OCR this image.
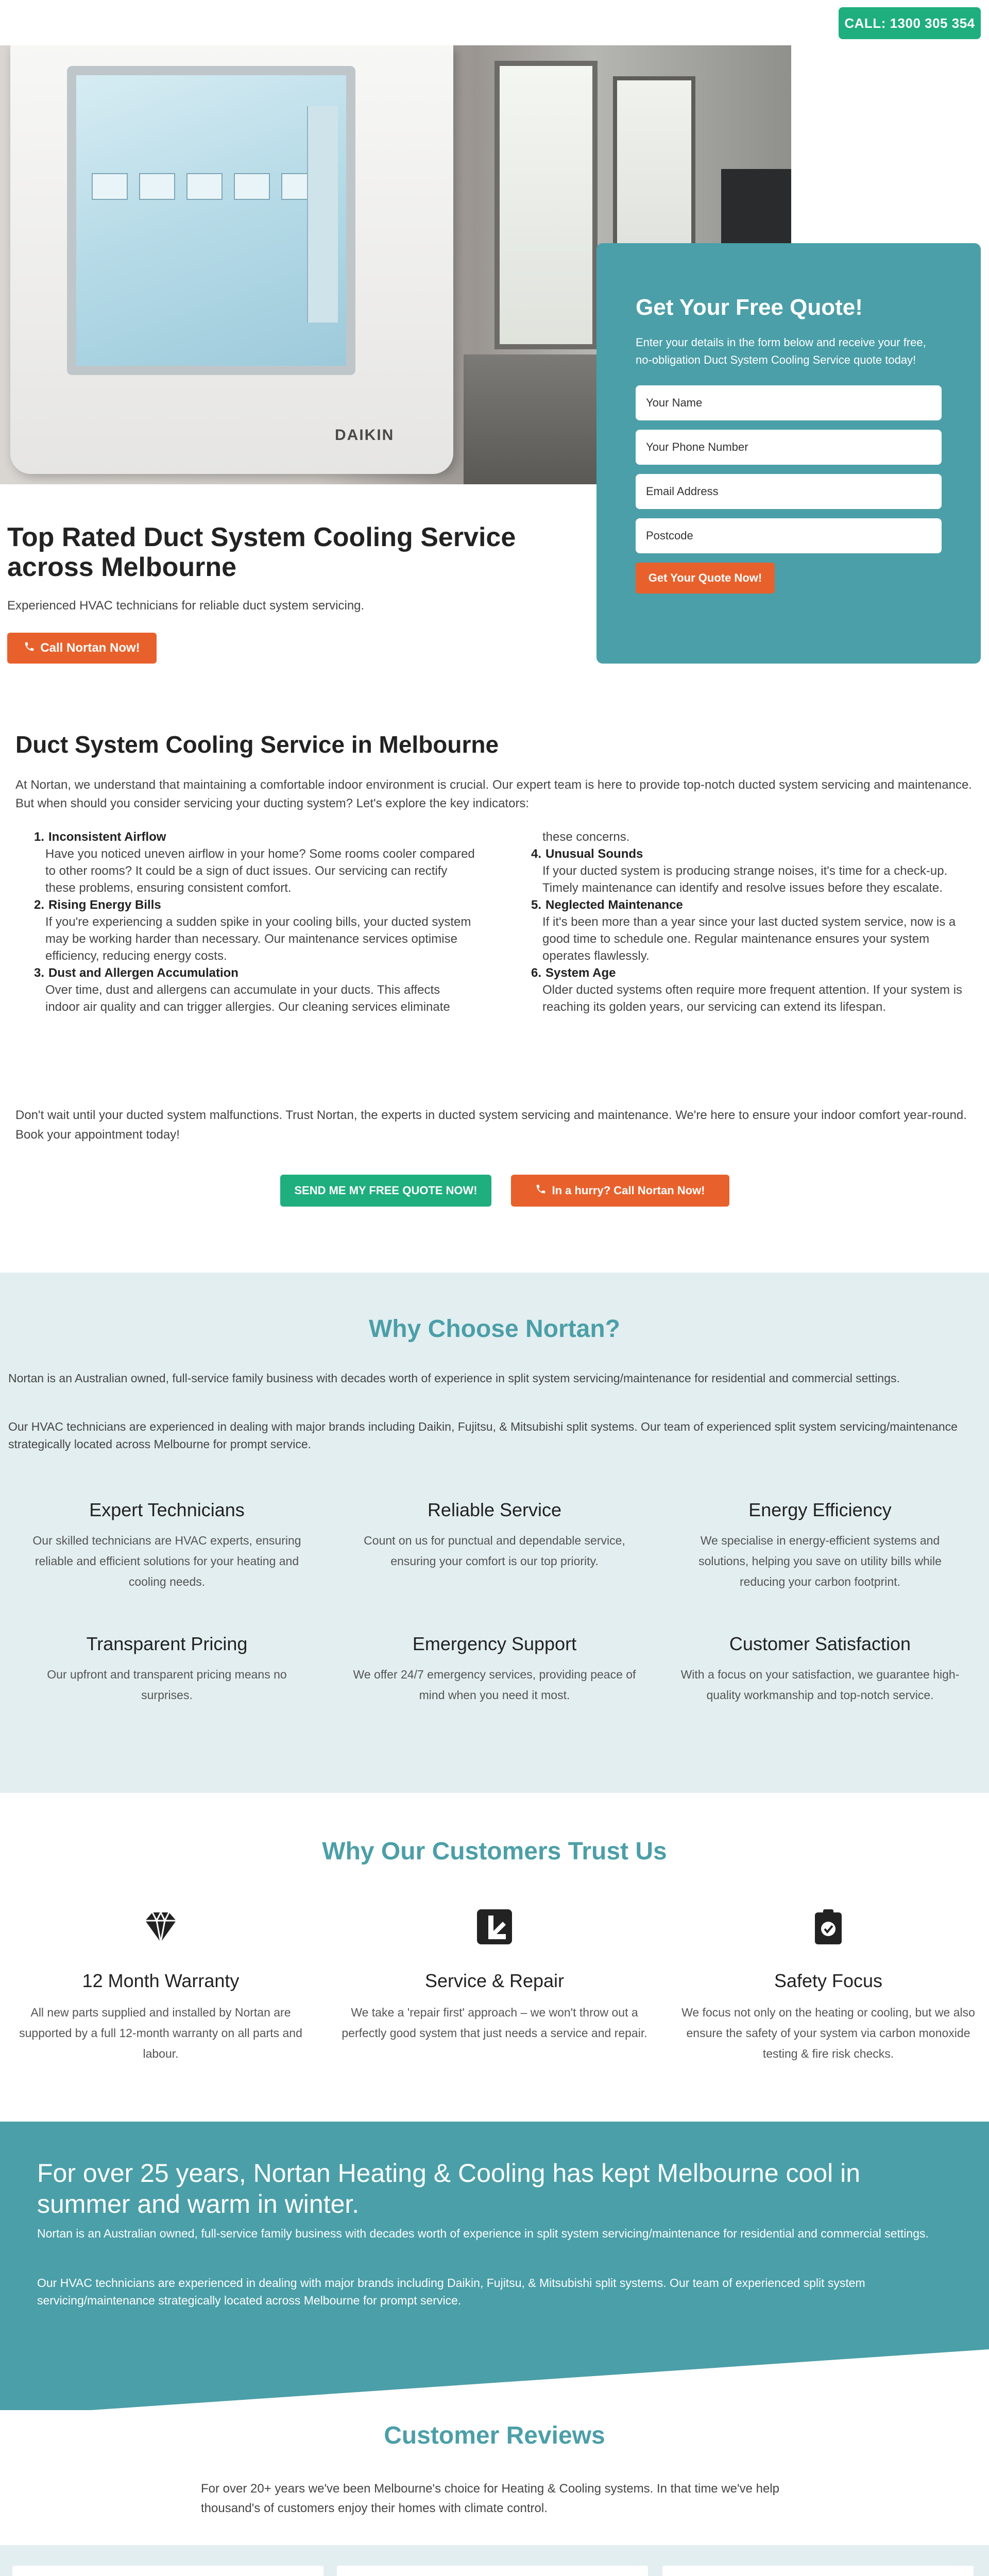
CALL: 1300 305 354
DAIKIN
Top Rated Duct System Cooling Service across Melbourne

Experienced HVAC technicians for reliable duct system servicing.

Call Nortan Now!
Get Your Free Quote!

Enter your details in the form below and receive your free, no-obligation Duct System Cooling Service quote today!

Your Name
Your Phone Number
Email Address
Postcode
Get Your Quote Now!
Duct System Cooling Service in Melbourne

At Nortan, we understand that maintaining a comfortable indoor environment is crucial. Our expert team is here to provide top-notch ducted system servicing and maintenance. But when should you consider servicing your ducting system? Let's explore the key indicators:

1. Inconsistent Airflow
Have you noticed uneven airflow in your home? Some rooms cooler compared to other rooms? It could be a sign of duct issues. Our servicing can rectify these problems, ensuring consistent comfort.
2. Rising Energy Bills
If you're experiencing a sudden spike in your cooling bills, your ducted system may be working harder than necessary. Our maintenance services optimise efficiency, reducing energy costs.
3. Dust and Allergen Accumulation
Over time, dust and allergens can accumulate in your ducts. This affects indoor air quality and can trigger allergies. Our cleaning services eliminate these concerns.
4. Unusual Sounds
If your ducted system is producing strange noises, it's time for a check-up. Timely maintenance can identify and resolve issues before they escalate.
5. Neglected Maintenance
If it's been more than a year since your last ducted system service, now is a good time to schedule one. Regular maintenance ensures your system operates flawlessly.
6. System Age
Older ducted systems often require more frequent attention. If your system is reaching its golden years, our servicing can extend its lifespan.

Don't wait until your ducted system malfunctions. Trust Nortan, the experts in ducted system servicing and maintenance. We're here to ensure your indoor comfort year-round. Book your appointment today!

SEND ME MY FREE QUOTE NOW!	In a hurry? Call Nortan Now!
Why Choose Nortan?

Nortan is an Australian owned, full-service family business with decades worth of experience in split system servicing/maintenance for residential and commercial settings.

Our HVAC technicians are experienced in dealing with major brands including Daikin, Fujitsu, & Mitsubishi split systems. Our team of experienced split system servicing/maintenance strategically located across Melbourne for prompt service.

Expert Technicians

Our skilled technicians are HVAC experts, ensuring reliable and efficient solutions for your heating and cooling needs.

Reliable Service

Count on us for punctual and dependable service, ensuring your comfort is our top priority.

Energy Efficiency

We specialise in energy-efficient systems and solutions, helping you save on utility bills while reducing your carbon footprint.

Transparent Pricing

Our upfront and transparent pricing means no surprises.

Emergency Support

We offer 24/7 emergency services, providing peace of mind when you need it most.

Customer Satisfaction

With a focus on your satisfaction, we guarantee high-quality workmanship and top-notch service.

Why Our Customers Trust Us
12 Month Warranty

All new parts supplied and installed by Nortan are supported by a full 12-month warranty on all parts and labour.

Service & Repair

We take a 'repair first' approach – we won't throw out a perfectly good system that just needs a service and repair.

Safety Focus

We focus not only on the heating or cooling, but we also ensure the safety of your system via carbon monoxide testing & fire risk checks.

For over 25 years, Nortan Heating & Cooling has kept Melbourne cool in summer and warm in winter.

Nortan is an Australian owned, full-service family business with decades worth of experience in split system servicing/maintenance for residential and commercial settings.

Our HVAC technicians are experienced in dealing with major brands including Daikin, Fujitsu, & Mitsubishi split systems. Our team of experienced split system servicing/maintenance strategically located across Melbourne for prompt service.

Customer Reviews

For over 20+ years we've been Melbourne's choice for Heating & Cooling systems. In that time we've help thousand's of customers enjoy their homes with climate control.
